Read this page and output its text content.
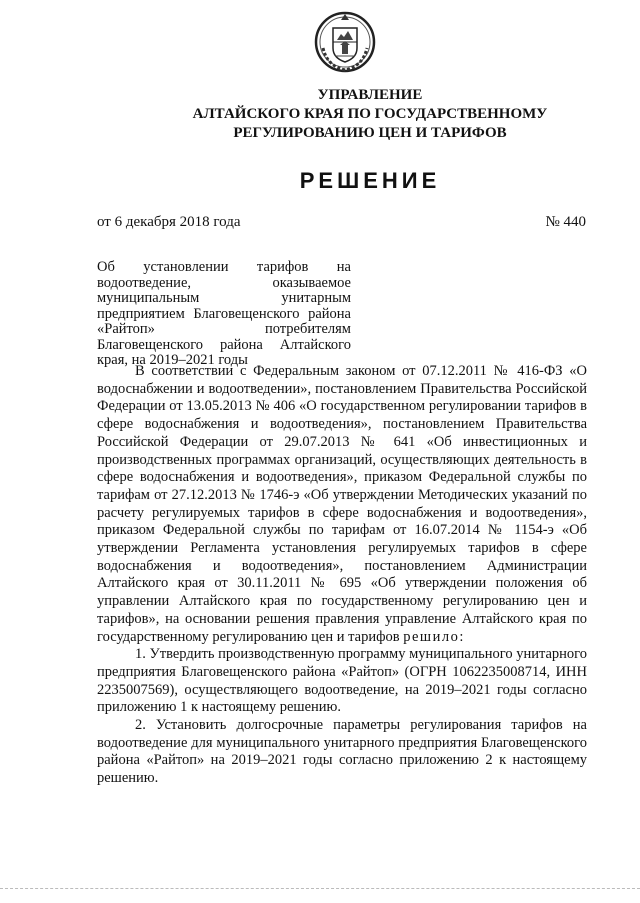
УПРАВЛЕНИЕ
АЛТАЙСКОГО КРАЯ ПО ГОСУДАРСТВЕННОМУ
РЕГУЛИРОВАНИЮ ЦЕН И ТАРИФОВ
РЕШЕНИЕ
от 6 декабря 2018 года	№ 440
Об установлении тарифов на водоотведение, оказываемое муниципальным унитарным предприятием Благовещенского района «Райтоп» потребителям Благовещенского района Алтайского края, на 2019–2021 годы

В соответствии с Федеральным законом от 07.12.2011 № 416-ФЗ «О водоснабжении и водоотведении», постановлением Правительства Российской Федерации от 13.05.2013 № 406 «О государственном регулировании тарифов в сфере водоснабжения и водоотведения», постановлением Правительства Российской Федерации от 29.07.2013 № 641 «Об инвестиционных и производственных программах организаций, осуществляющих деятельность в сфере водоснабжения и водоотведения», приказом Федеральной службы по тарифам от 27.12.2013 № 1746-э «Об утверждении Методических указаний по расчету регулируемых тарифов в сфере водоснабжения и водоотведения», приказом Федеральной службы по тарифам от 16.07.2014 № 1154-э «Об утверждении Регламента установления регулируемых тарифов в сфере водоснабжения и водоотведения», постановлением Администрации Алтайского края от 30.11.2011 № 695 «Об утверждении положения об управлении Алтайского края по государственному регулированию цен и тарифов», на основании решения правления управление Алтайского края по государственному регулированию цен и тарифов решило:

1. Утвердить производственную программу муниципального унитарного предприятия Благовещенского района «Райтоп» (ОГРН 1062235008714, ИНН 2235007569), осуществляющего водоотведение, на 2019–2021 годы согласно приложению 1 к настоящему решению.

2. Установить долгосрочные параметры регулирования тарифов на водоотведение для муниципального унитарного предприятия Благовещенского района «Райтоп» на 2019–2021 годы согласно приложению 2 к настоящему решению.
